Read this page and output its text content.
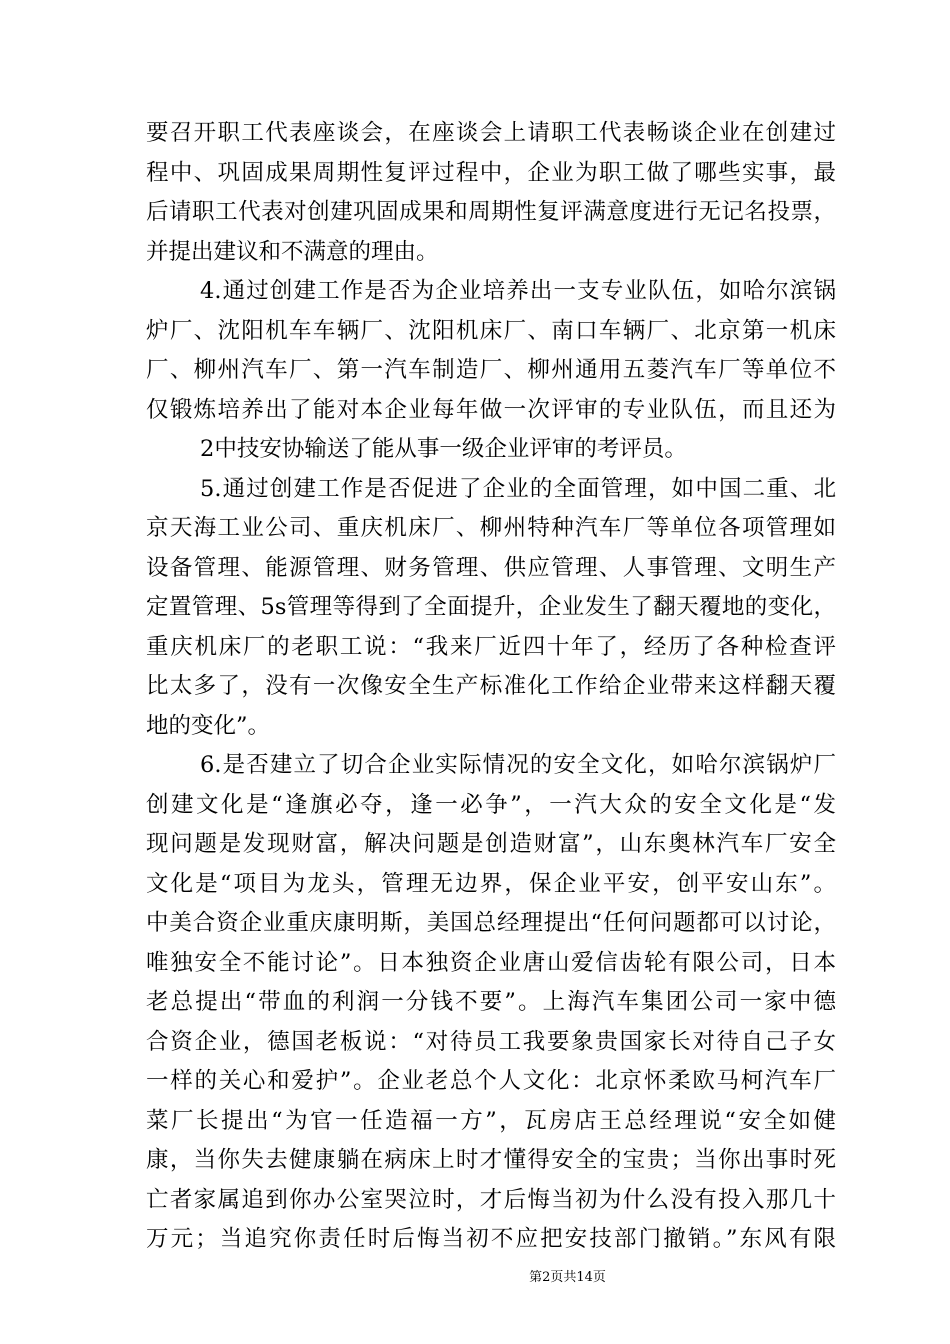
要召开职工代表座谈会，在座谈会上请职工代表畅谈企业在创建过
程中、巩固成果周期性复评过程中，企业为职工做了哪些实事，最
后请职工代表对创建巩固成果和周期性复评满意度进行无记名投票，
并提出建议和不满意的理由。
4.通过创建工作是否为企业培养出一支专业队伍，如哈尔滨锅
炉厂、沈阳机车车辆厂、沈阳机床厂、南口车辆厂、北京第一机床
厂、柳州汽车厂、第一汽车制造厂、柳州通用五菱汽车厂等单位不
仅锻炼培养出了能对本企业每年做一次评审的专业队伍，而且还为
2中技安协输送了能从事一级企业评审的考评员。
5.通过创建工作是否促进了企业的全面管理，如中国二重、北
京天海工业公司、重庆机床厂、柳州特种汽车厂等单位各项管理如
设备管理、能源管理、财务管理、供应管理、人事管理、文明生产
定置管理、5s管理等得到了全面提升，企业发生了翻天覆地的变化，
重庆机床厂的老职工说：“我来厂近四十年了，经历了各种检查评
比太多了，没有一次像安全生产标准化工作给企业带来这样翻天覆
地的变化”。
6.是否建立了切合企业实际情况的安全文化，如哈尔滨锅炉厂
创建文化是“逢旗必夺，逢一必争”，一汽大众的安全文化是“发
现问题是发现财富，解决问题是创造财富”，山东奥林汽车厂安全
文化是“项目为龙头，管理无边界，保企业平安，创平安山东”。
中美合资企业重庆康明斯，美国总经理提出“任何问题都可以讨论，
唯独安全不能讨论”。日本独资企业唐山爱信齿轮有限公司，日本
老总提出“带血的利润一分钱不要”。上海汽车集团公司一家中德
合资企业，德国老板说：“对待员工我要象贵国家长对待自己子女
一样的关心和爱护”。企业老总个人文化：北京怀柔欧马柯汽车厂
菜厂长提出“为官一任造福一方”，瓦房店王总经理说“安全如健
康，当你失去健康躺在病床上时才懂得安全的宝贵；当你出事时死
亡者家属追到你办公室哭泣时，才后悔当初为什么没有投入那几十
万元；当追究你责任时后悔当初不应把安技部门撤销。”东风有限
第2页共14页
